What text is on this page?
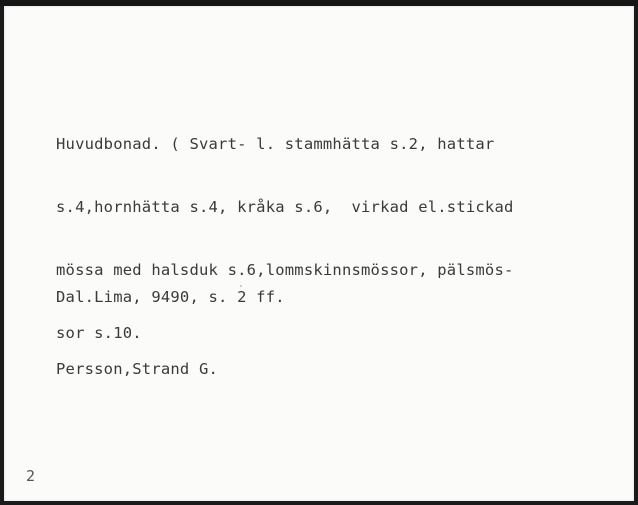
Huvudbonad. ( Svart- l. stammhätta s.2, hattar

s.4,hornhätta s.4, kråka s.6,  virkad el.stickad

mössa med halsduk s.6,lommskinnsmössor, pälsmös-

sor s.10.

Dal.Lima, 9490, s. 2 ff.

Persson,Strand G.

2
